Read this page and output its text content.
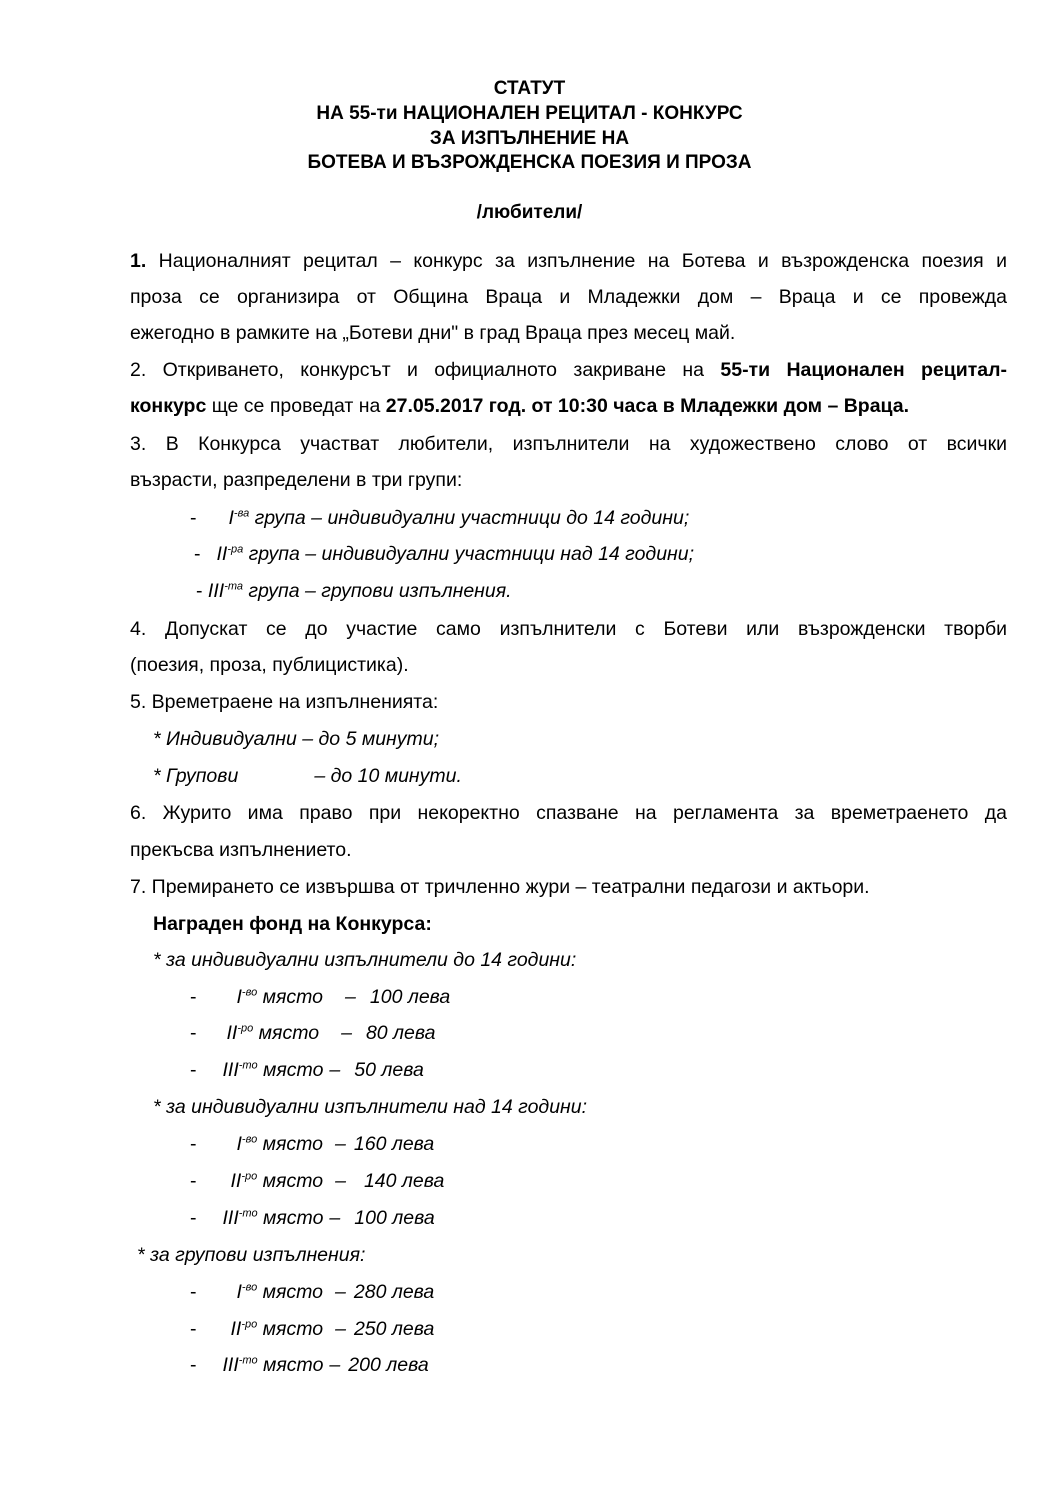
СТАТУТ
НА 55-ти НАЦИОНАЛЕН РЕЦИТАЛ - КОНКУРС
ЗА ИЗПЪЛНЕНИЕ НА
БОТЕВА И ВЪЗРОЖДЕНСКА ПОЕЗИЯ И ПРОЗА
/любители/
1. Националният рецитал – конкурс за изпълнение на Ботева и възрожденска поезия и
проза се организира от Община Враца и Младежки дом – Враца и се провежда
ежегодно в рамките на „Ботеви дни" в град Враца през месец май.
2. Откриването, конкурсът и официалното закриване на 55-ти Национален рецитал-
конкурс ще се проведат на 27.05.2017 год. от 10:30 часа в Младежки дом – Враца.
3. В Конкурса участват любители, изпълнители на художествено слово от всички
възрасти, разпределени в три групи:
- $I^{-ва}$ група – индивидуални участници до 14 години;
- $II^{-ра}$ група – индивидуални участници над 14 години;
- $III^{-та}$ група – групови изпълнения.
4. Допускат се до участие само изпълнители с Ботеви или възрожденски творби
(поезия, проза, публицистика).
5. Времетраене на изпълненията:
* Индивидуални – до 5 минути;
* Групови	– до 10 минути.
6. Журито има право при некоректно спазване на регламента за времетраенето да
прекъсва изпълнението.
7. Премирането се извършва от тричленно жури – театрални педагози и актьори.
Награден фонд на Конкурса:
* за индивидуални изпълнители до 14 години:
- $I^{-во}$ място – 100 лева
- $II^{-ро}$ място – 80 лева
- $III^{-то}$ място – 50 лева
* за индивидуални изпълнители над 14 години:
- $I^{-во}$ място – 160 лева
- $II^{-ро}$ място – 140 лева
- $III^{-то}$ място – 100 лева
* за групови изпълнения:
- $I^{-во}$ място – 280 лева
- $II^{-ро}$ място – 250 лева
- $III^{-то}$ място – 200 лева
